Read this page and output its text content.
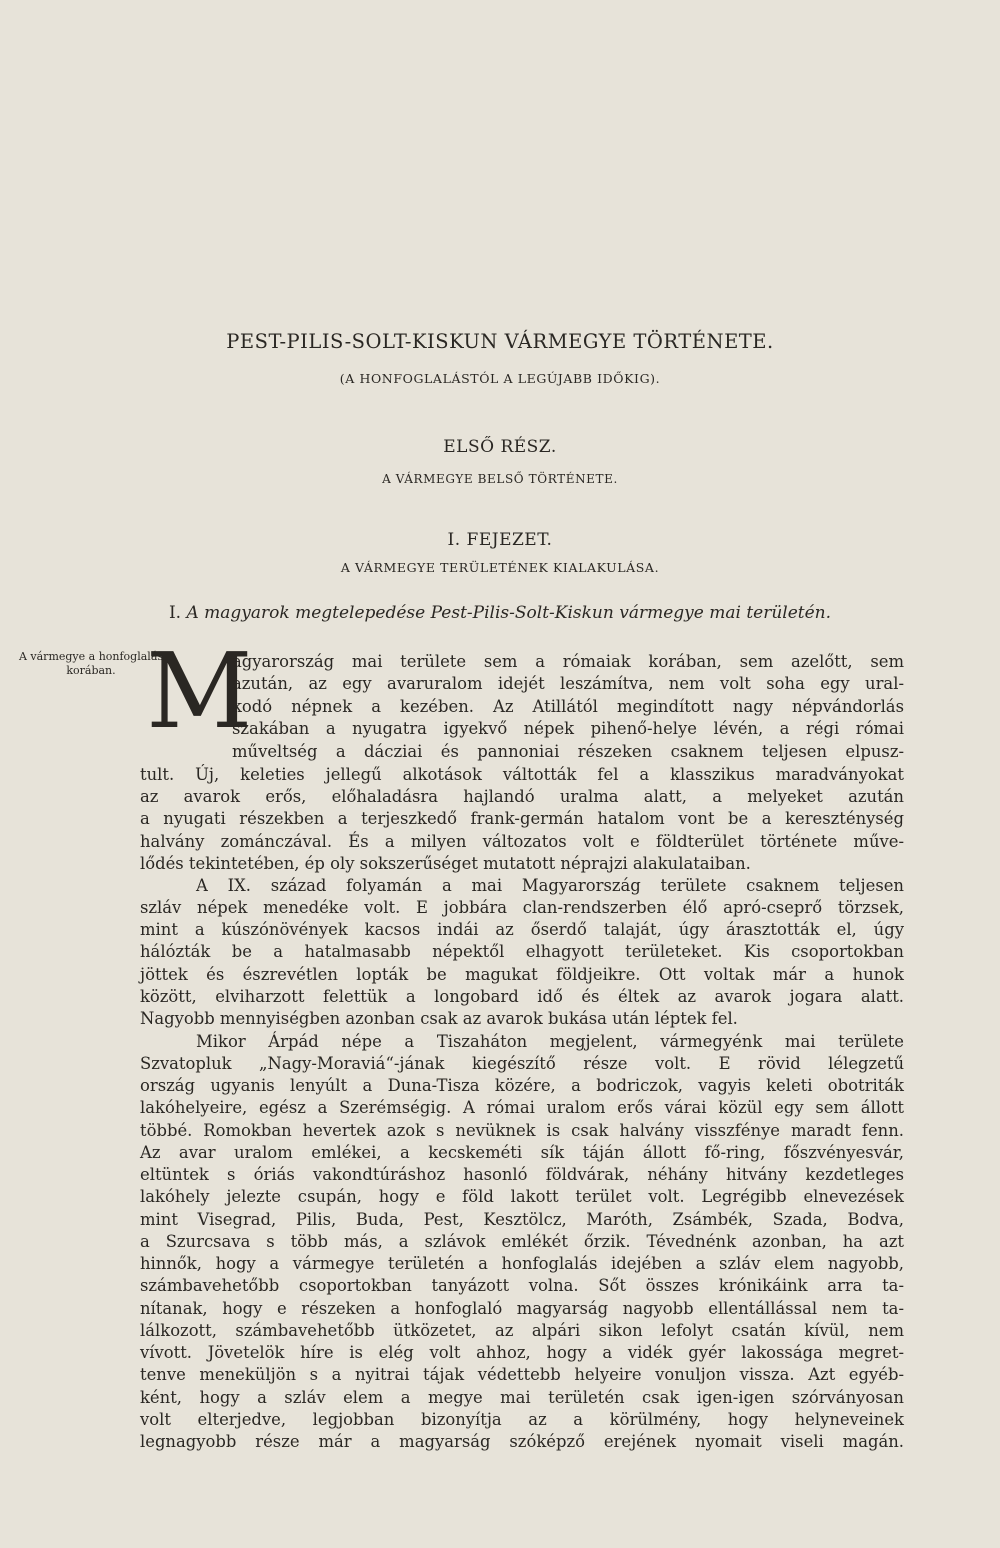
PEST-PILIS-SOLT-KISKUN VÁRMEGYE TÖRTÉNETE.
(A HONFOGLALÁSTÓL A LEGÚJABB IDŐKIG).
ELSŐ RÉSZ.
A VÁRMEGYE BELSŐ TÖRTÉNETE.
I. FEJEZET.
A VÁRMEGYE TERÜLETÉNEK KIALAKULÁSA.
I. A magyarok megtelepedése Pest-Pilis-Solt-Kiskun vármegye mai területén.
A vármegye a honfoglalás korában. M
agyarország mai területe sem a rómaiak korában, sem azelőtt, sem
azután, az egy avaruralom idejét leszámítva, nem volt soha egy ural-
kodó népnek a kezében. Az Atillától megindított nagy népvándorlás
szakában a nyugatra igyekvő népek pihenő-helye lévén, a régi római
műveltség a dácziai és pannoniai részeken csaknem teljesen elpusz-
tult. Új, keleties jellegű alkotások váltották fel a klasszikus maradványokat
az avarok erős, előhaladásra hajlandó uralma alatt, a melyeket azután
a nyugati részekben a terjeszkedő frank-germán hatalom vont be a kereszténység
halvány zománczával. És a milyen változatos volt e földterület története műve-
lődés tekintetében, ép oly sokszerűséget mutatott néprajzi alakulataiban.
A IX. század folyamán a mai Magyarország területe csaknem teljesen
szláv népek menedéke volt. E jobbára clan-rendszerben élő apró-cseprő törzsek,
mint a kúszónövények kacsos indái az őserdő talaját, úgy árasztották el, úgy
hálózták be a hatalmasabb népektől elhagyott területeket. Kis csoportokban
jöttek és észrevétlen lopták be magukat földjeikre. Ott voltak már a hunok
között, elviharzott felettük a longobard idő és éltek az avarok jogara alatt.
Nagyobb mennyiségben azonban csak az avarok bukása után léptek fel.
Mikor Árpád népe a Tiszaháton megjelent, vármegyénk mai területe
Szvatopluk „Nagy-Moraviá“-jának kiegészítő része volt. E rövid lélegzetű
ország ugyanis lenyúlt a Duna-Tisza közére, a bodriczok, vagyis keleti obotriták
lakóhelyeire, egész a Szerémségig. A római uralom erős várai közül egy sem állott
többé. Romokban hevertek azok s nevüknek is csak halvány visszfénye maradt fenn.
Az avar uralom emlékei, a kecskeméti sík táján állott fő-ring, főszvényesvár,
eltüntek s óriás vakondtúráshoz hasonló földvárak, néhány hitvány kezdetleges
lakóhely jelezte csupán, hogy e föld lakott terület volt. Legrégibb elnevezések
mint Visegrad, Pilis, Buda, Pest, Kesztölcz, Maróth, Zsámbék, Szada, Bodva,
a Szurcsava s több más, a szlávok emlékét őrzik. Tévednénk azonban, ha azt
hinnők, hogy a vármegye területén a honfoglalás idejében a szláv elem nagyobb,
számbavehetőbb csoportokban tanyázott volna. Sőt összes krónikáink arra ta-
nítanak, hogy e részeken a honfoglaló magyarság nagyobb ellentállással nem ta-
lálkozott, számbavehetőbb ütközetet, az alpári sikon lefolyt csatán kívül, nem
vívott. Jövetelök híre is elég volt ahhoz, hogy a vidék gyér lakossága megret-
tenve meneküljön s a nyitrai tájak védettebb helyeire vonuljon vissza. Azt egyéb-
ként, hogy a szláv elem a megye mai területén csak igen-igen szórványosan
volt elterjedve, legjobban bizonyítja az a körülmény, hogy helyneveinek
legnagyobb része már a magyarság szóképző erejének nyomait viseli magán.
